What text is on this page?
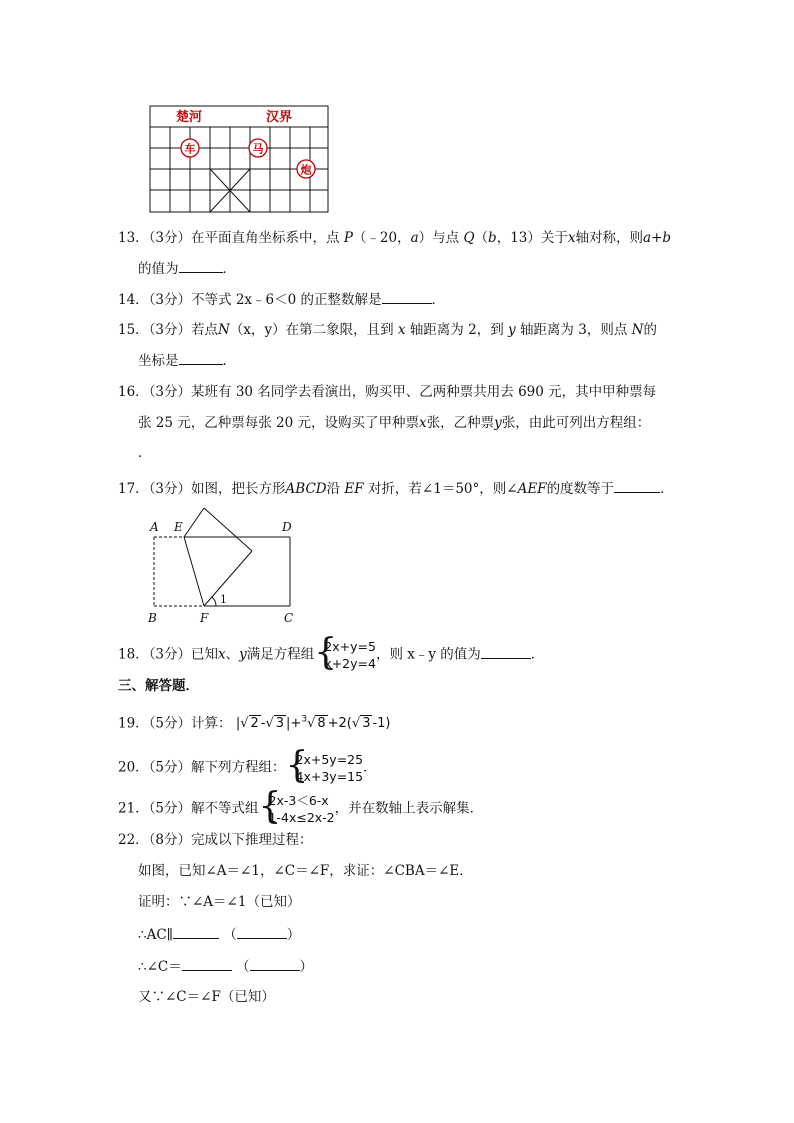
楚河	汉界
车	马
炮
13．（3分）在平面直角坐标系中，点 P（﹣20，a）与点 Q（b，13）关于x轴对称，则a+b
的值为	．
14．（3分）不等式 2x﹣6＜0 的正整数解是	．
15．（3分）若点N（x，y）在第二象限，且到 x 轴距离为 2，到 y 轴距离为 3，则点 N的
坐标是	．
16．（3分）某班有 30 名同学去看演出，购买甲、乙两种票共用去 690 元，其中甲种票每
张 25 元，乙种票每张 20 元，设购买了甲种票x张，乙种票y张，由此可列出方程组：
．
17．（3分）如图，把长方形ABCD沿 EF 对折，若∠1＝50°，则∠AEF的度数等于	．
A E	D
B	F	C
1
18．（3分）已知x、y满足方程组 {
2x+y=5
x+2y=4，则 x﹣y 的值为	．
三、解答题．
19．（5分）计算： |√ 2 -√ 3 |+$^3$√ 8 +2(√ 3 -1)
20．（5分）解下列方程组： {
2x+5y=25
4x+3y=15．
21．（5分）解不等式组 {
2x-3＜6-x
1-4x≤2x-2，并在数轴上表示解集．
22．（8分）完成以下推理过程：
如图，已知∠A＝∠1，∠C＝∠F，求证：∠CBA＝∠E．
证明：∵∠A＝∠1（已知）
∴AC∥	（	）
∴∠C＝	（	）
又∵∠C＝∠F（已知）
